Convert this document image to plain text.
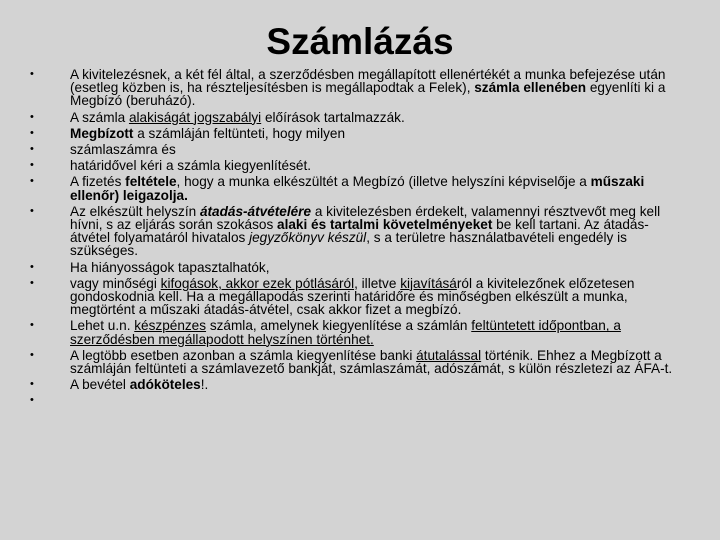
Számlázás
• A kivitelezésnek, a két fél által, a szerződésben megállapított ellenértékét a munka befejezése után (esetleg közben is, ha részteljesítésben is megállapodtak a Felek), számla ellenében egyenlíti ki a Megbízó (beruházó).
• A számla alakiságát jogszabályi előírások tartalmazzák.
• Megbízott a számláján feltünteti, hogy milyen
• számlaszámra és
• határidővel kéri a számla kiegyenlítését.
• A fizetés feltétele, hogy a munka elkészültét a Megbízó (illetve helyszíni képviselője a műszaki ellenőr) leigazolja.
• Az elkészült helyszín átadás-átvételére a kivitelezésben érdekelt, valamennyi résztvevőt meg kell hívni, s az eljárás során szokásos alaki és tartalmi követelményeket be kell tartani. Az átadás-átvétel folyamatáról hivatalos jegyzőkönyv készül, s a területre használatbavételi engedély is szükséges.
• Ha hiányosságok tapasztalhatók,
• vagy minőségi kifogások, akkor ezek pótlásáról, illetve kijavításáról a kivitelezőnek előzetesen gondoskodnia kell. Ha a megállapodás szerinti határidőre és minőségben elkészült a munka, megtörtént a műszaki átadás-átvétel, csak akkor fizet a megbízó.
• Lehet u.n. készpénzes számla, amelynek kiegyenlítése a számlán feltüntetett időpontban, a szerződésben megállapodott helyszínen történhet.
• A legtöbb esetben azonban a számla kiegyenlítése banki átutalással történik. Ehhez a Megbízott a számláján feltünteti a számlavezető bankját, számlaszámát, adószámát, s külön részletezi az ÁFA-t.
• A bevétel adóköteles!.
•
